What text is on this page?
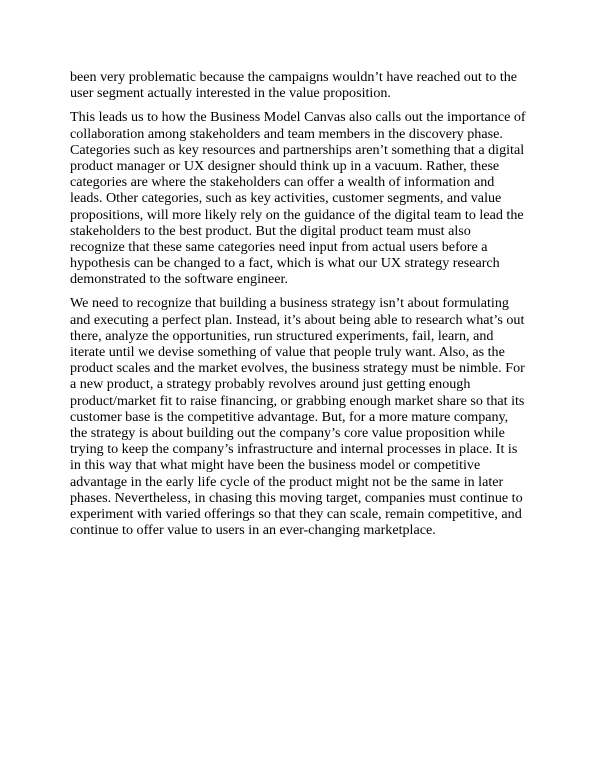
been very problematic because the campaigns wouldn’t have reached out to the
user segment actually interested in the value proposition.

This leads us to how the Business Model Canvas also calls out the importance of
collaboration among stakeholders and team members in the discovery phase.
Categories such as key resources and partnerships aren’t something that a digital
product manager or UX designer should think up in a vacuum. Rather, these
categories are where the stakeholders can offer a wealth of information and
leads. Other categories, such as key activities, customer segments, and value
propositions, will more likely rely on the guidance of the digital team to lead the
stakeholders to the best product. But the digital product team must also
recognize that these same categories need input from actual users before a
hypothesis can be changed to a fact, which is what our UX strategy research
demonstrated to the software engineer.

We need to recognize that building a business strategy isn’t about formulating
and executing a perfect plan. Instead, it’s about being able to research what’s out
there, analyze the opportunities, run structured experiments, fail, learn, and
iterate until we devise something of value that people truly want. Also, as the
product scales and the market evolves, the business strategy must be nimble. For
a new product, a strategy probably revolves around just getting enough
product/market fit to raise financing, or grabbing enough market share so that its
customer base is the competitive advantage. But, for a more mature company,
the strategy is about building out the company’s core value proposition while
trying to keep the company’s infrastructure and internal processes in place. It is
in this way that what might have been the business model or competitive
advantage in the early life cycle of the product might not be the same in later
phases. Nevertheless, in chasing this moving target, companies must continue to
experiment with varied offerings so that they can scale, remain competitive, and
continue to offer value to users in an ever-changing marketplace.
